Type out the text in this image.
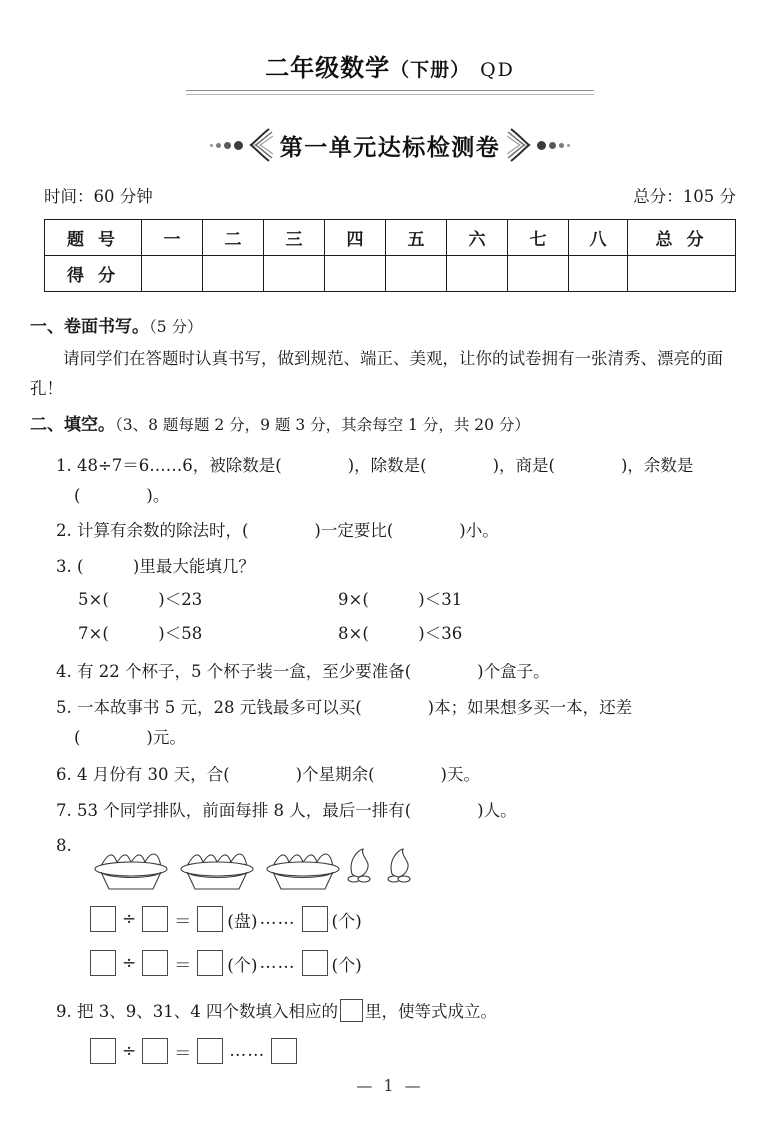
二年级数学（下册） QD
第一单元达标检测卷
时间：60 分钟	总分：105 分
题 号	一	二	三	四	五	六	七	八	总 分
得 分									
一、卷面书写。（5 分）
　　请同学们在答题时认真书写，做到规范、端正、美观，让你的试卷拥有一张清秀、漂亮的面孔！
二、填空。（3、8 题每题 2 分，9 题 3 分，其余每空 1 分，共 20 分）
1. 48÷7＝6……6，被除数是(　　　　)，除数是(　　　　)，商是(　　　　)，余数是
(　　　　)。
2. 计算有余数的除法时，(　　　　)一定要比(　　　　)小。
3. (　　　)里最大能填几？
5×(　　　)＜23	9×(　　　)＜31
7×(　　　)＜58	8×(　　　)＜36
4. 有 22 个杯子，5 个杯子装一盒，至少要准备(　　　　)个盒子。
5. 一本故事书 5 元，28 元钱最多可以买(　　　　)本；如果想多买一本，还差
(　　　　)元。
6. 4 月份有 30 天，合(　　　　)个星期余(　　　　)天。
7. 53 个同学排队，前面每排 8 人，最后一排有(　　　　)人。
8.
÷ ＝ (盘) …… (个)
÷ ＝ (个) …… (个)
9. 把 3、9、31、4 四个数填入相应的 里，使等式成立。
÷ ＝ ……
— 1 —
